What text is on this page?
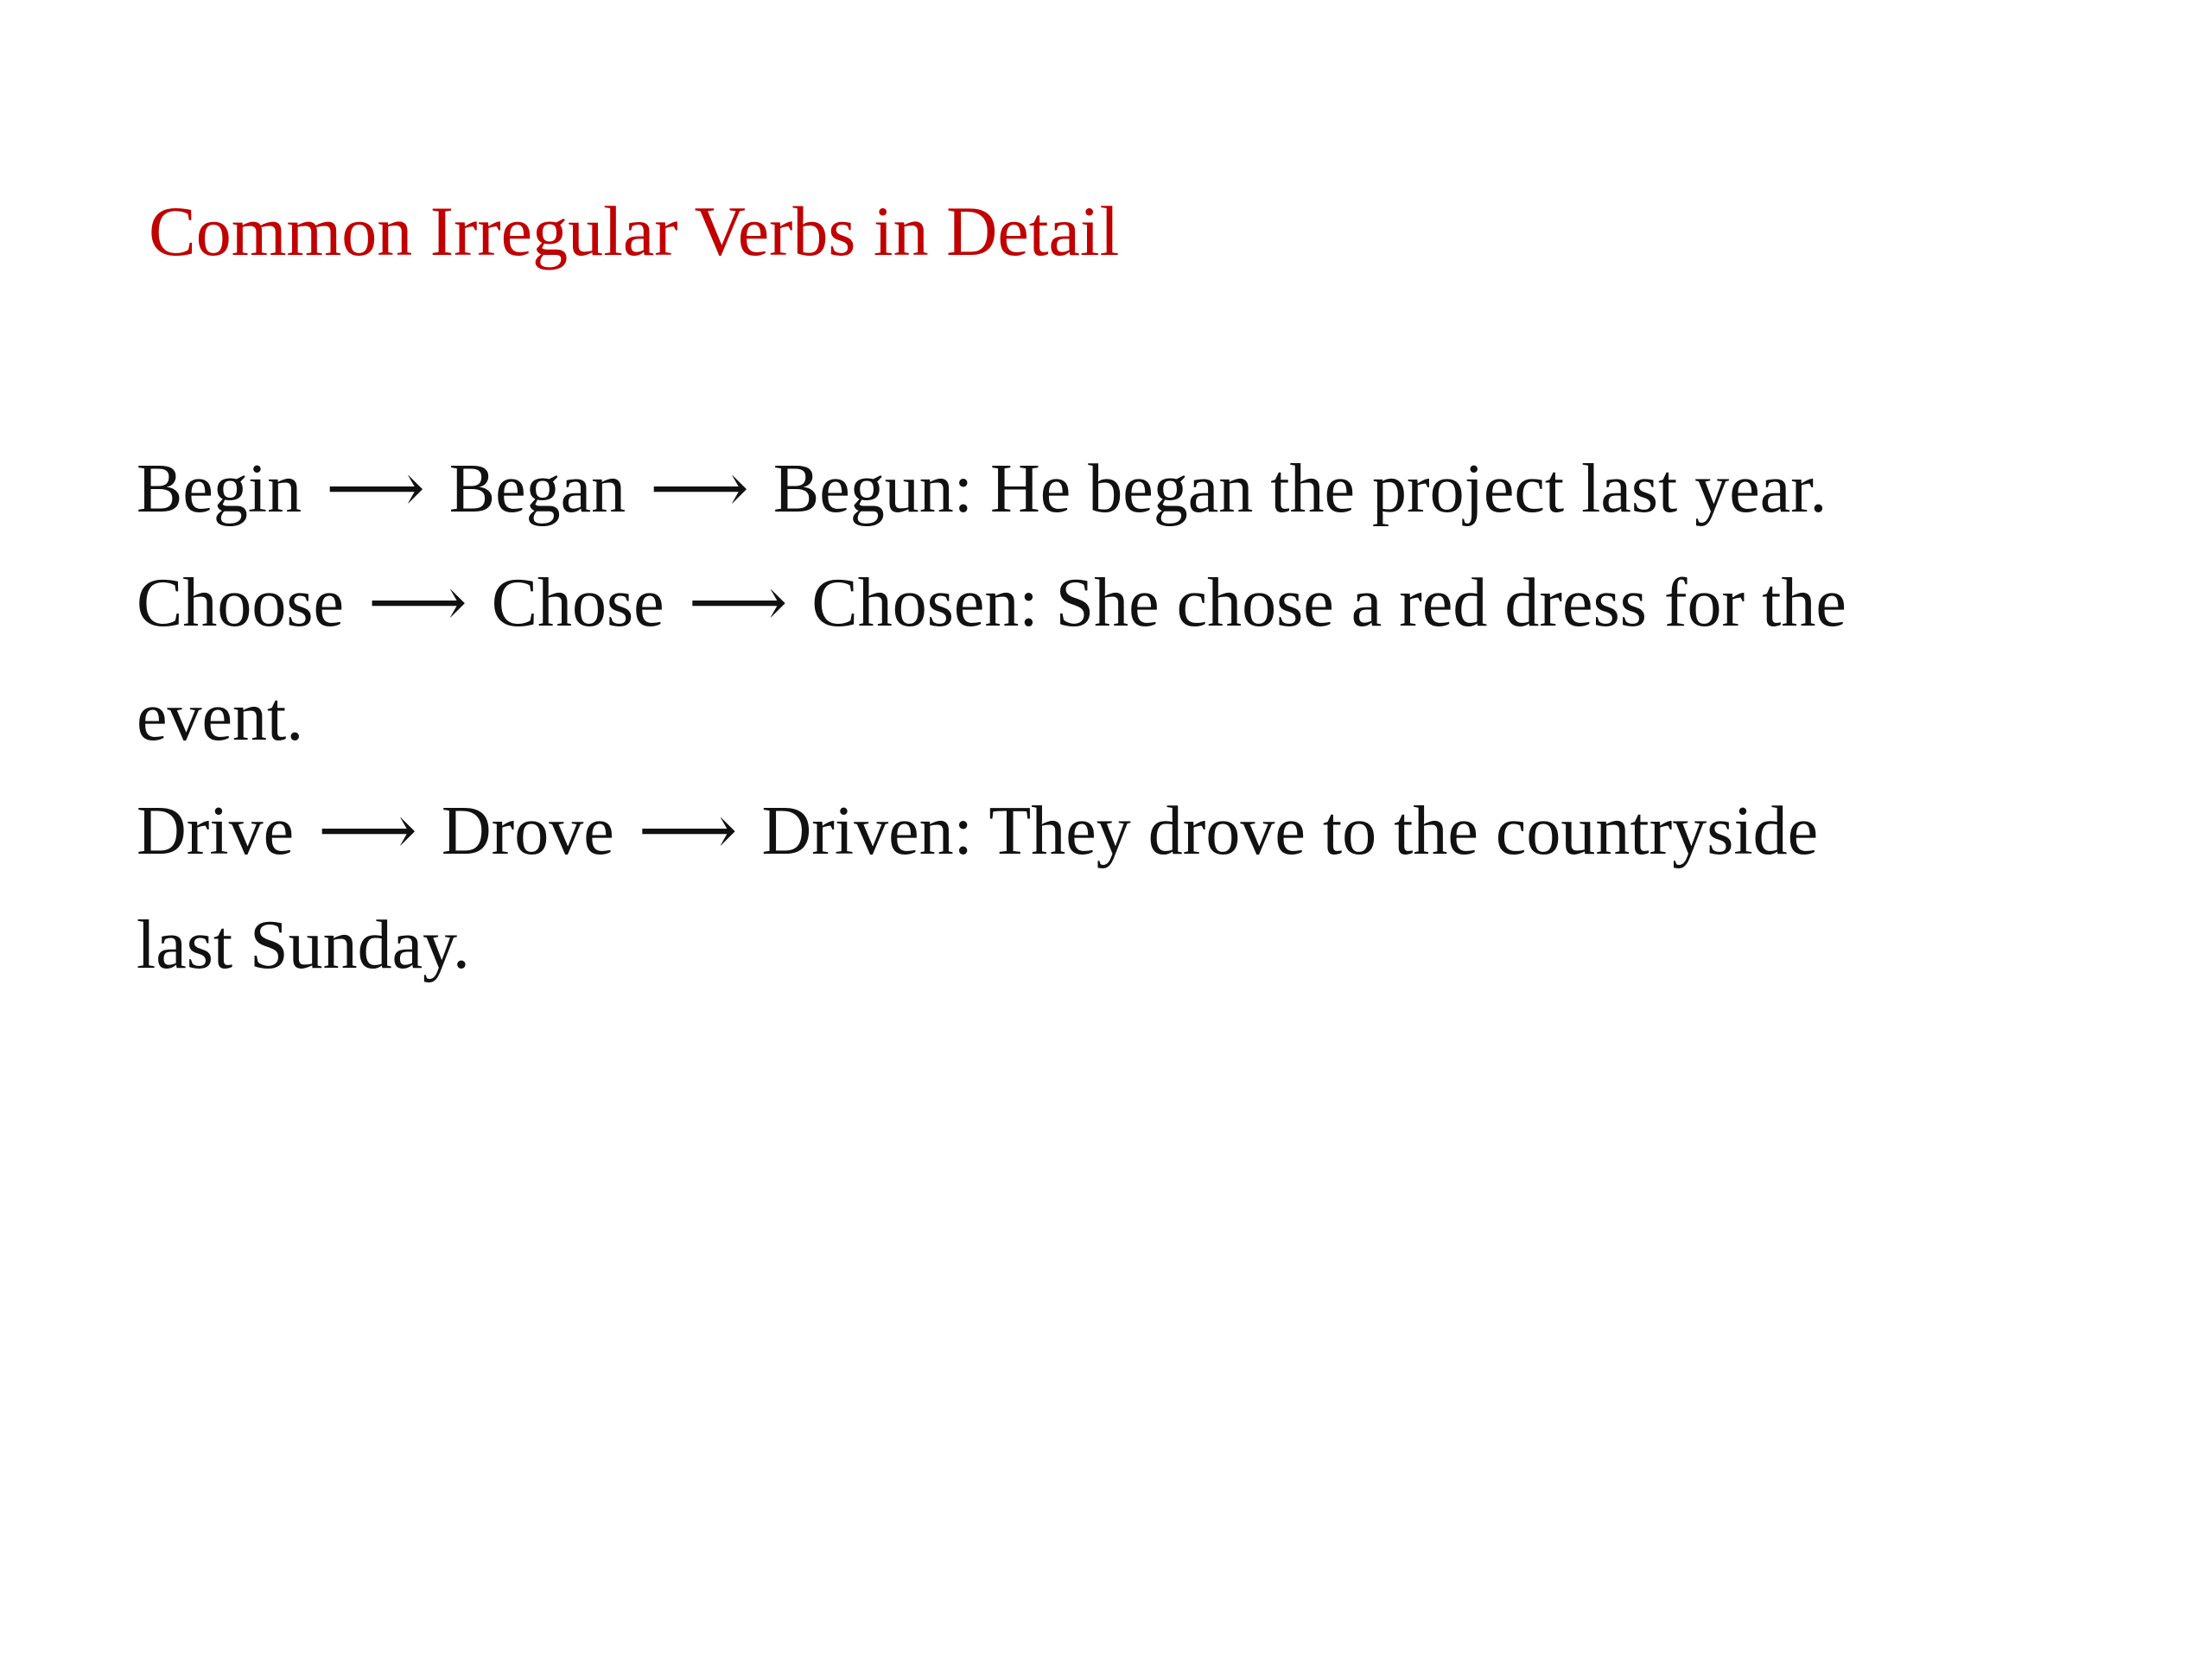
Common Irregular Verbs in Detail

Begin ⟶ Began ⟶ Begun: He began the project last year.

Choose ⟶ Chose ⟶ Chosen: She chose a red dress for the event.

Drive ⟶ Drove ⟶ Driven: They drove to the countryside last Sunday.
